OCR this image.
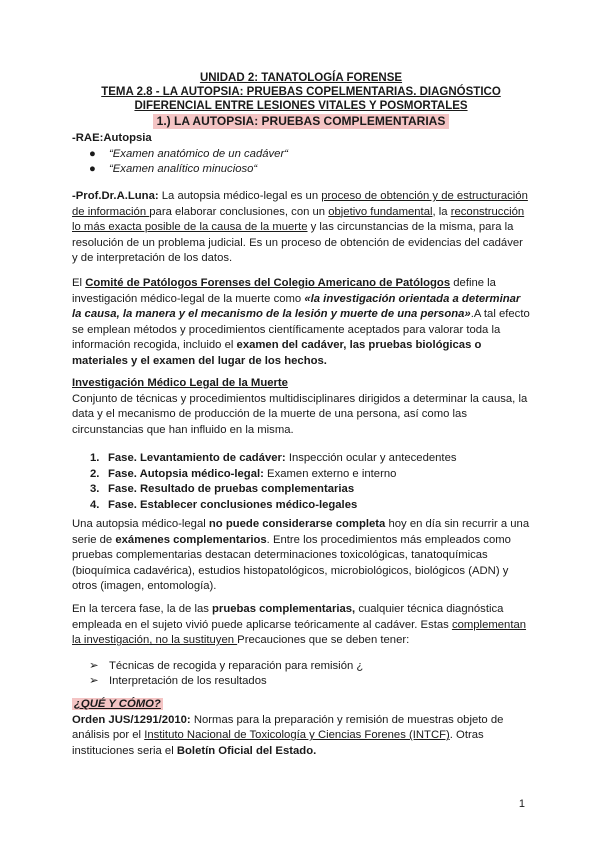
UNIDAD 2: TANATOLOGÍA FORENSE
TEMA 2.8 - LA AUTOPSIA: PRUEBAS COPELMENTARIAS. DIAGNÓSTICO
DIFERENCIAL ENTRE LESIONES VITALES Y POSMORTALES
1.) LA AUTOPSIA: PRUEBAS COMPLEMENTARIAS
-RAE:Autopsia
● “Examen anatómico de un cadáver“
● “Examen analítico minucioso“
-Prof.Dr.A.Luna: La autopsia médico-legal es un proceso de obtención y de estructuración de información para elaborar conclusiones, con un objetivo fundamental, la reconstrucción lo más exacta posible de la causa de la muerte y las circunstancias de la misma, para la resolución de un problema judicial. Es un proceso de obtención de evidencias del cadáver y de interpretación de los datos.
El Comité de Patólogos Forenses del Colegio Americano de Patólogos define la investigación médico-legal de la muerte como «la investigación orientada a determinar la causa, la manera y el mecanismo de la lesión y muerte de una persona».A tal efecto se emplean métodos y procedimientos científicamente aceptados para valorar toda la información recogida, incluido el examen del cadáver, las pruebas biológicas o materiales y el examen del lugar de los hechos.
Investigación Médico Legal de la Muerte
Conjunto de técnicas y procedimientos multidisciplinares dirigidos a determinar la causa, la data y el mecanismo de producción de la muerte de una persona, así como las circunstancias que han influido en la misma.
1. Fase. Levantamiento de cadáver: Inspección ocular y antecedentes
2. Fase. Autopsia médico-legal: Examen externo e interno
3. Fase. Resultado de pruebas complementarias
4. Fase. Establecer conclusiones médico-legales
Una autopsia médico-legal no puede considerarse completa hoy en día sin recurrir a una serie de exámenes complementarios. Entre los procedimientos más empleados como pruebas complementarias destacan determinaciones toxicológicas, tanatoquímicas (bioquímica cadavérica), estudios histopatológicos, microbiológicos, biológicos (ADN) y otros (imagen, entomología).
En la tercera fase, la de las pruebas complementarias, cualquier técnica diagnóstica empleada en el sujeto vivió puede aplicarse teóricamente al cadáver. Estas complementan la investigación, no la sustituyen Precauciones que se deben tener:
➢ Técnicas de recogida y reparación para remisión ¿
➢ Interpretación de los resultados
¿QUÉ Y CÓMO?
Orden JUS/1291/2010: Normas para la preparación y remisión de muestras objeto de análisis por el Instituto Nacional de Toxicología y Ciencias Forenes (INTCF). Otras instituciones seria el Boletín Oficial del Estado.
1
